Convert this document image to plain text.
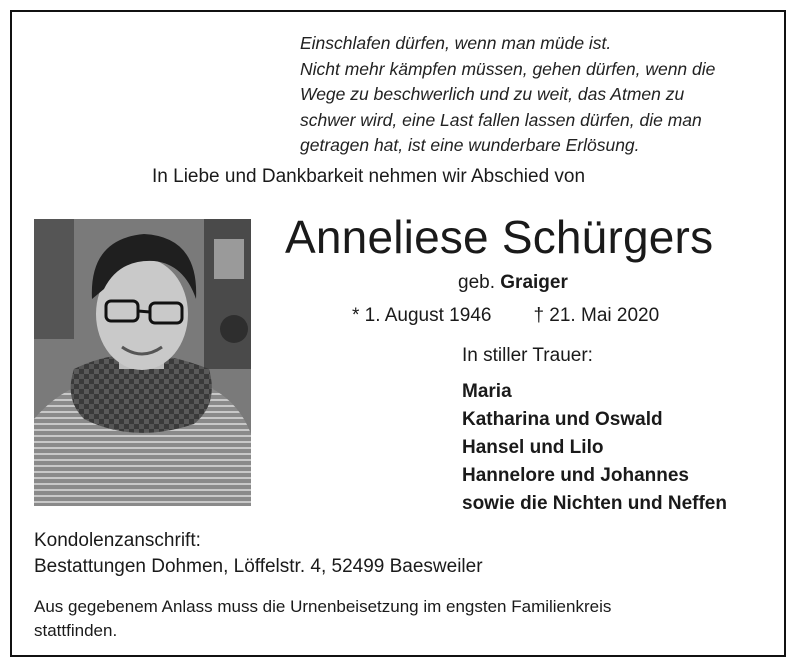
Einschlafen dürfen, wenn man müde ist.
Nicht mehr kämpfen müssen, gehen dürfen, wenn die
Wege zu beschwerlich und zu weit, das Atmen zu
schwer wird, eine Last fallen lassen dürfen, die man
getragen hat, ist eine wunderbare Erlösung.
In Liebe und Dankbarkeit nehmen wir Abschied von
Anneliese Schürgers
geb. Graiger
* 1. August 1946 † 21. Mai 2020
In stiller Trauer:
Maria
Katharina und Oswald
Hansel und Lilo
Hannelore und Johannes
sowie die Nichten und Neffen
Kondolenzanschrift:
Bestattungen Dohmen, Löffelstr. 4, 52499 Baesweiler
Aus gegebenem Anlass muss die Urnenbeisetzung im engsten Familienkreis
stattfinden.
